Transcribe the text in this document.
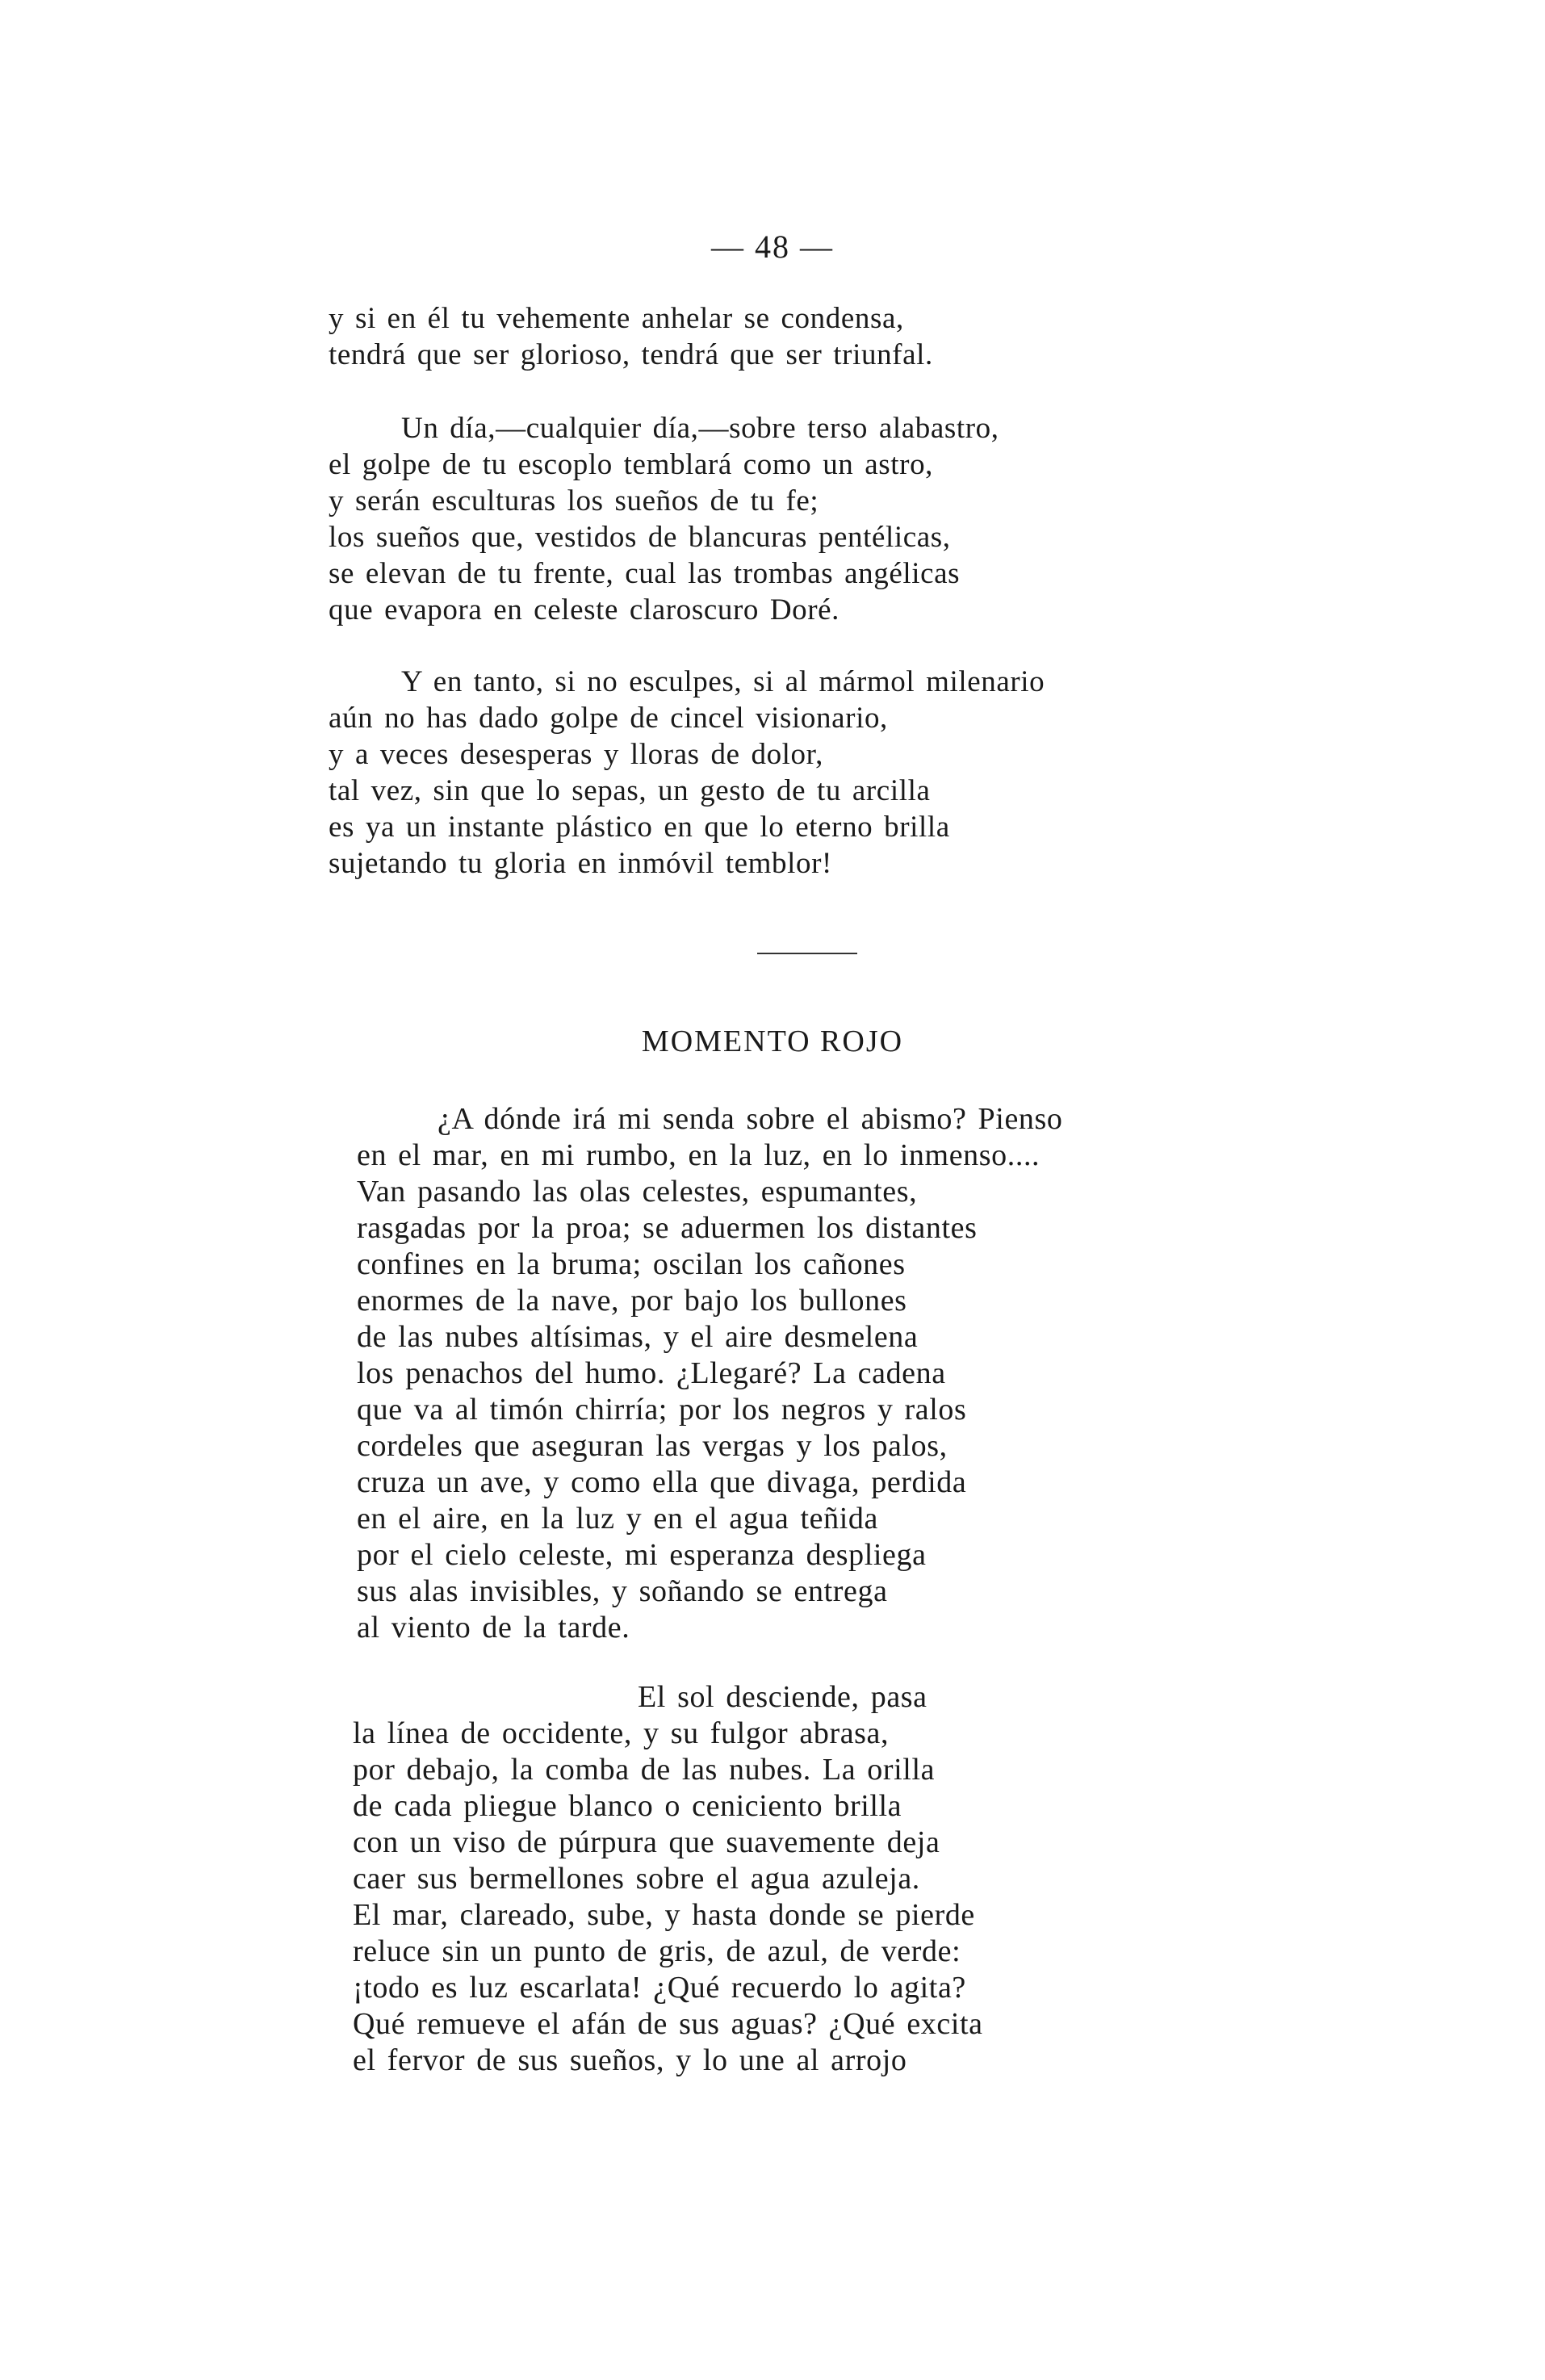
— 48 —
y si en él tu vehemente anhelar se condensa,
tendrá que ser glorioso, tendrá que ser triunfal.
Un día,—cualquier día,—sobre terso alabastro,
el golpe de tu escoplo temblará como un astro,
y serán esculturas los sueños de tu fe;
los sueños que, vestidos de blancuras pentélicas,
se elevan de tu frente, cual las trombas angélicas
que evapora en celeste claroscuro Doré.
Y en tanto, si no esculpes, si al mármol milenario
aún no has dado golpe de cincel visionario,
y a veces desesperas y lloras de dolor,
tal vez, sin que lo sepas, un gesto de tu arcilla
es ya un instante plástico en que lo eterno brilla
sujetando tu gloria en inmóvil temblor!
MOMENTO ROJO
¿A dónde irá mi senda sobre el abismo? Pienso
en el mar, en mi rumbo, en la luz, en lo inmenso....
Van pasando las olas celestes, espumantes,
rasgadas por la proa; se aduermen los distantes
confines en la bruma; oscilan los cañones
enormes de la nave, por bajo los bullones
de las nubes altísimas, y el aire desmelena
los penachos del humo. ¿Llegaré? La cadena
que va al timón chirría; por los negros y ralos
cordeles que aseguran las vergas y los palos,
cruza un ave, y como ella que divaga, perdida
en el aire, en la luz y en el agua teñida
por el cielo celeste, mi esperanza despliega
sus alas invisibles, y soñando se entrega
al viento de la tarde.
El sol desciende, pasa
la línea de occidente, y su fulgor abrasa,
por debajo, la comba de las nubes. La orilla
de cada pliegue blanco o ceniciento brilla
con un viso de púrpura que suavemente deja
caer sus bermellones sobre el agua azuleja.
El mar, clareado, sube, y hasta donde se pierde
reluce sin un punto de gris, de azul, de verde:
¡todo es luz escarlata! ¿Qué recuerdo lo agita?
Qué remueve el afán de sus aguas? ¿Qué excita
el fervor de sus sueños, y lo une al arrojo
